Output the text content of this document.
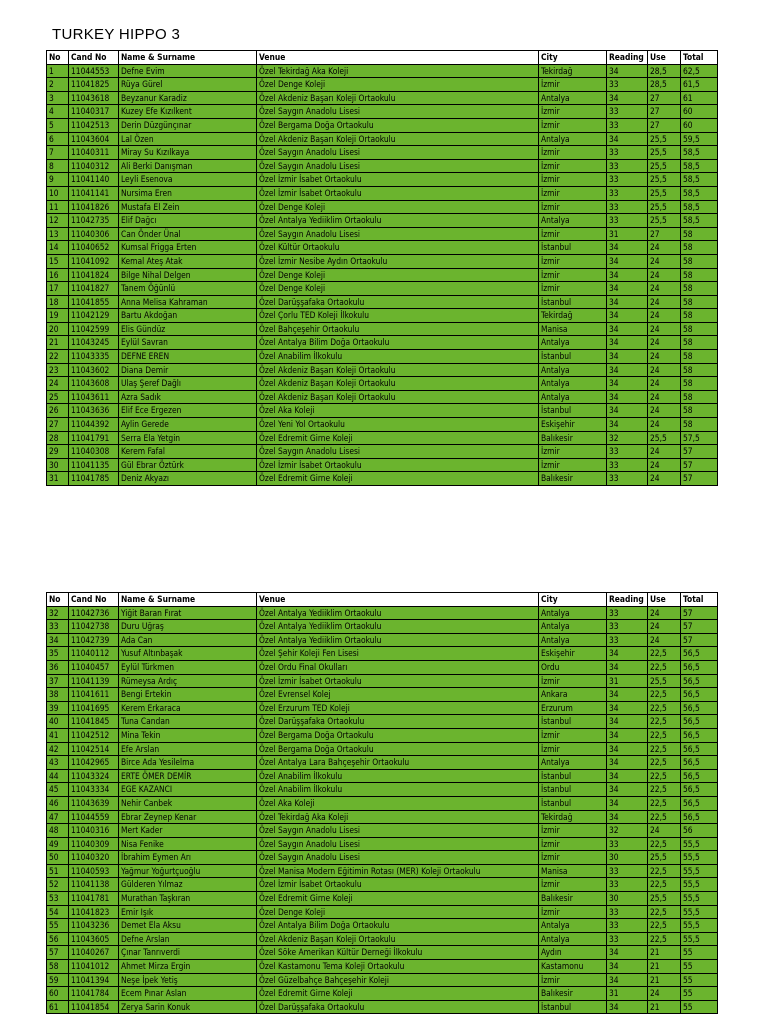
TURKEY HIPPO 3
No	Cand No	Name & Surname	Venue	City	Reading	Use	Total
1	11044553	Defne Evim	Özel Tekirdağ Aka Koleji	Tekirdağ	34	28,5	62,5
2	11041825	Rüya Gürel	Özel Denge Koleji	İzmir	33	28,5	61,5
3	11043618	Beyzanur Karadiz	Özel Akdeniz Başarı Koleji Ortaokulu	Antalya	34	27	61
4	11040317	Kuzey Efe Kızılkent	Özel Saygın Anadolu Lisesi	İzmir	33	27	60
5	11042513	Derin Düzgünçınar	Özel Bergama Doğa Ortaokulu	İzmir	33	27	60
6	11043604	Lal Özen	Özel Akdeniz Başarı Koleji Ortaokulu	Antalya	34	25,5	59,5
7	11040311	Miray Su Kızılkaya	Özel Saygın Anadolu Lisesi	İzmir	33	25,5	58,5
8	11040312	Ali Berki Danışman	Özel Saygın Anadolu Lisesi	İzmir	33	25,5	58,5
9	11041140	Leyli Esenova	Özel İzmir İsabet Ortaokulu	İzmir	33	25,5	58,5
10	11041141	Nursima Eren	Özel İzmir İsabet Ortaokulu	İzmir	33	25,5	58,5
11	11041826	Mustafa El Zein	Özel Denge Koleji	İzmir	33	25,5	58,5
12	11042735	Elif Dağcı	Özel Antalya Yediiklim Ortaokulu	Antalya	33	25,5	58,5
13	11040306	Can Önder Ünal	Özel Saygın Anadolu Lisesi	İzmir	31	27	58
14	11040652	Kumsal Frigga Erten	Özel Kültür Ortaokulu	İstanbul	34	24	58
15	11041092	Kemal Ateş Atak	Özel İzmir Nesibe Aydın Ortaokulu	İzmir	34	24	58
16	11041824	Bilge Nihal Delgen	Özel Denge Koleji	İzmir	34	24	58
17	11041827	Tanem Öğünlü	Özel Denge Koleji	İzmir	34	24	58
18	11041855	Anna Melisa Kahraman	Özel Darüşşafaka Ortaokulu	İstanbul	34	24	58
19	11042129	Bartu Akdoğan	Özel Çorlu TED Koleji İlkokulu	Tekirdağ	34	24	58
20	11042599	Elis Gündüz	Özel Bahçeşehir Ortaokulu	Manisa	34	24	58
21	11043245	Eylül Savran	Özel Antalya Bilim Doğa Ortaokulu	Antalya	34	24	58
22	11043335	DEFNE EREN	Özel Anabilim İlkokulu	İstanbul	34	24	58
23	11043602	Diana Demir	Özel Akdeniz Başarı Koleji Ortaokulu	Antalya	34	24	58
24	11043608	Ulaş Şeref Dağlı	Özel Akdeniz Başarı Koleji Ortaokulu	Antalya	34	24	58
25	11043611	Azra Sadık	Özel Akdeniz Başarı Koleji Ortaokulu	Antalya	34	24	58
26	11043636	Elif Ece Ergezen	Özel Aka Koleji	İstanbul	34	24	58
27	11044392	Aylin Gerede	Özel Yeni Yol Ortaokulu	Eskişehir	34	24	58
28	11041791	Serra Ela Yetgin	Özel Edremit Girne Koleji	Balıkesir	32	25,5	57,5
29	11040308	Kerem Fafal	Özel Saygın Anadolu Lisesi	İzmir	33	24	57
30	11041135	Gül Ebrar Öztürk	Özel İzmir İsabet Ortaokulu	İzmir	33	24	57
31	11041785	Deniz Akyazı	Özel Edremit Girne Koleji	Balıkesir	33	24	57
No	Cand No	Name & Surname	Venue	City	Reading	Use	Total
32	11042736	Yiğit Baran Fırat	Özel Antalya Yediiklim Ortaokulu	Antalya	33	24	57
33	11042738	Duru Uğraş	Özel Antalya Yediiklim Ortaokulu	Antalya	33	24	57
34	11042739	Ada Can	Özel Antalya Yediiklim Ortaokulu	Antalya	33	24	57
35	11040112	Yusuf Altınbaşak	Özel Şehir Koleji Fen Lisesi	Eskişehir	34	22,5	56,5
36	11040457	Eylül Türkmen	Özel Ordu Final Okulları	Ordu	34	22,5	56,5
37	11041139	Rümeysa Ardıç	Özel İzmir İsabet Ortaokulu	İzmir	31	25,5	56,5
38	11041611	Bengi Ertekin	Özel Evrensel Kolej	Ankara	34	22,5	56,5
39	11041695	Kerem Erkaraca	Özel Erzurum TED Koleji	Erzurum	34	22,5	56,5
40	11041845	Tuna Candan	Özel Darüşşafaka Ortaokulu	İstanbul	34	22,5	56,5
41	11042512	Mina Tekin	Özel Bergama Doğa Ortaokulu	İzmir	34	22,5	56,5
42	11042514	Efe Arslan	Özel Bergama Doğa Ortaokulu	İzmir	34	22,5	56,5
43	11042965	Birce Ada Yesilelma	Özel Antalya Lara Bahçeşehir Ortaokulu	Antalya	34	22,5	56,5
44	11043324	ERTE ÖMER DEMİR	Özel Anabilim İlkokulu	İstanbul	34	22,5	56,5
45	11043334	EGE KAZANCI	Özel Anabilim İlkokulu	İstanbul	34	22,5	56,5
46	11043639	Nehir Canbek	Özel Aka Koleji	İstanbul	34	22,5	56,5
47	11044559	Ebrar Zeynep Kenar	Özel Tekirdağ Aka Koleji	Tekirdağ	34	22,5	56,5
48	11040316	Mert Kader	Özel Saygın Anadolu Lisesi	İzmir	32	24	56
49	11040309	Nisa Fenike	Özel Saygın Anadolu Lisesi	İzmir	33	22,5	55,5
50	11040320	İbrahim Eymen Arı	Özel Saygın Anadolu Lisesi	İzmir	30	25,5	55,5
51	11040593	Yağmur Yoğurtçuoğlu	Özel Manisa Modern Eğitimin Rotası (MER) Koleji Ortaokulu	Manisa	33	22,5	55,5
52	11041138	Gülderen Yılmaz	Özel İzmir İsabet Ortaokulu	İzmir	33	22,5	55,5
53	11041781	Murathan Taşkıran	Özel Edremit Girne Koleji	Balıkesir	30	25,5	55,5
54	11041823	Emir Işık	Özel Denge Koleji	İzmir	33	22,5	55,5
55	11043236	Demet Ela Aksu	Özel Antalya Bilim Doğa Ortaokulu	Antalya	33	22,5	55,5
56	11043605	Defne Arslan	Özel Akdeniz Başarı Koleji Ortaokulu	Antalya	33	22,5	55,5
57	11040267	Çınar Tanrıverdi	Özel Söke Amerikan Kültür Derneği İlkokulu	Aydın	34	21	55
58	11041012	Ahmet Mirza Ergin	Özel Kastamonu Tema Koleji Ortaokulu	Kastamonu	34	21	55
59	11041394	Neşe İpek Yetiş	Özel Güzelbahçe Bahçeşehir Koleji	İzmir	34	21	55
60	11041784	Ecem Pınar Aslan	Özel Edremit Girne Koleji	Balıkesir	31	24	55
61	11041854	Zerya Sarin Konuk	Özel Darüşşafaka Ortaokulu	İstanbul	34	21	55
